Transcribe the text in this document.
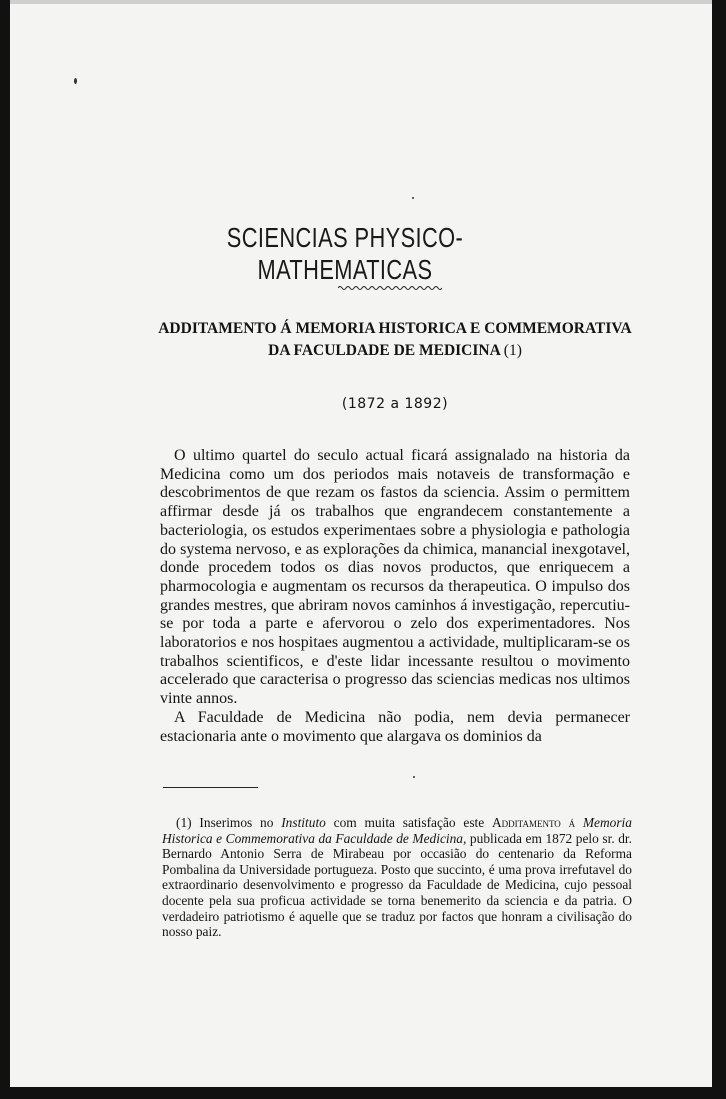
SCIENCIAS PHYSICO-MATHEMATICAS
ADDITAMENTO Á MEMORIA HISTORICA E COMMEMORATIVA
DA FACULDADE DE MEDICINA (1)
(1872 a 1892)

O ultimo quartel do seculo actual ficará assignalado na historia da Medicina como um dos periodos mais notaveis de transformação e descobrimentos de que rezam os fastos da sciencia. Assim o permittem affirmar desde já os trabalhos que engrandecem constantemente a bacteriologia, os estudos experimentaes sobre a physiologia e pathologia do systema nervoso, e as explorações da chimica, manancial inexgotavel, donde procedem todos os dias novos productos, que enriquecem a pharmocologia e augmentam os recursos da therapeutica. O impulso dos grandes mestres, que abriram novos caminhos á investigação, repercutiu-se por toda a parte e afervorou o zelo dos experimentadores. Nos laboratorios e nos hospitaes augmentou a actividade, multiplicaram-se os trabalhos scientificos, e d'este lidar incessante resultou o movimento accelerado que caracterisa o progresso das sciencias medicas nos ultimos vinte annos.

A Faculdade de Medicina não podia, nem devia permanecer estacionaria ante o movimento que alargava os dominios da

(1) Inserimos no Instituto com muita satisfação este Additamento á Memoria Historica e Commemorativa da Faculdade de Medicina, publicada em 1872 pelo sr. dr. Bernardo Antonio Serra de Mirabeau por occasião do centenario da Reforma Pombalina da Universidade portugueza. Posto que succinto, é uma prova irrefutavel do extraordinario desenvolvimento e progresso da Faculdade de Medicina, cujo pessoal docente pela sua proficua actividade se torna benemerito da sciencia e da patria. O verdadeiro patriotismo é aquelle que se traduz por factos que honram a civilisação do nosso paiz.
